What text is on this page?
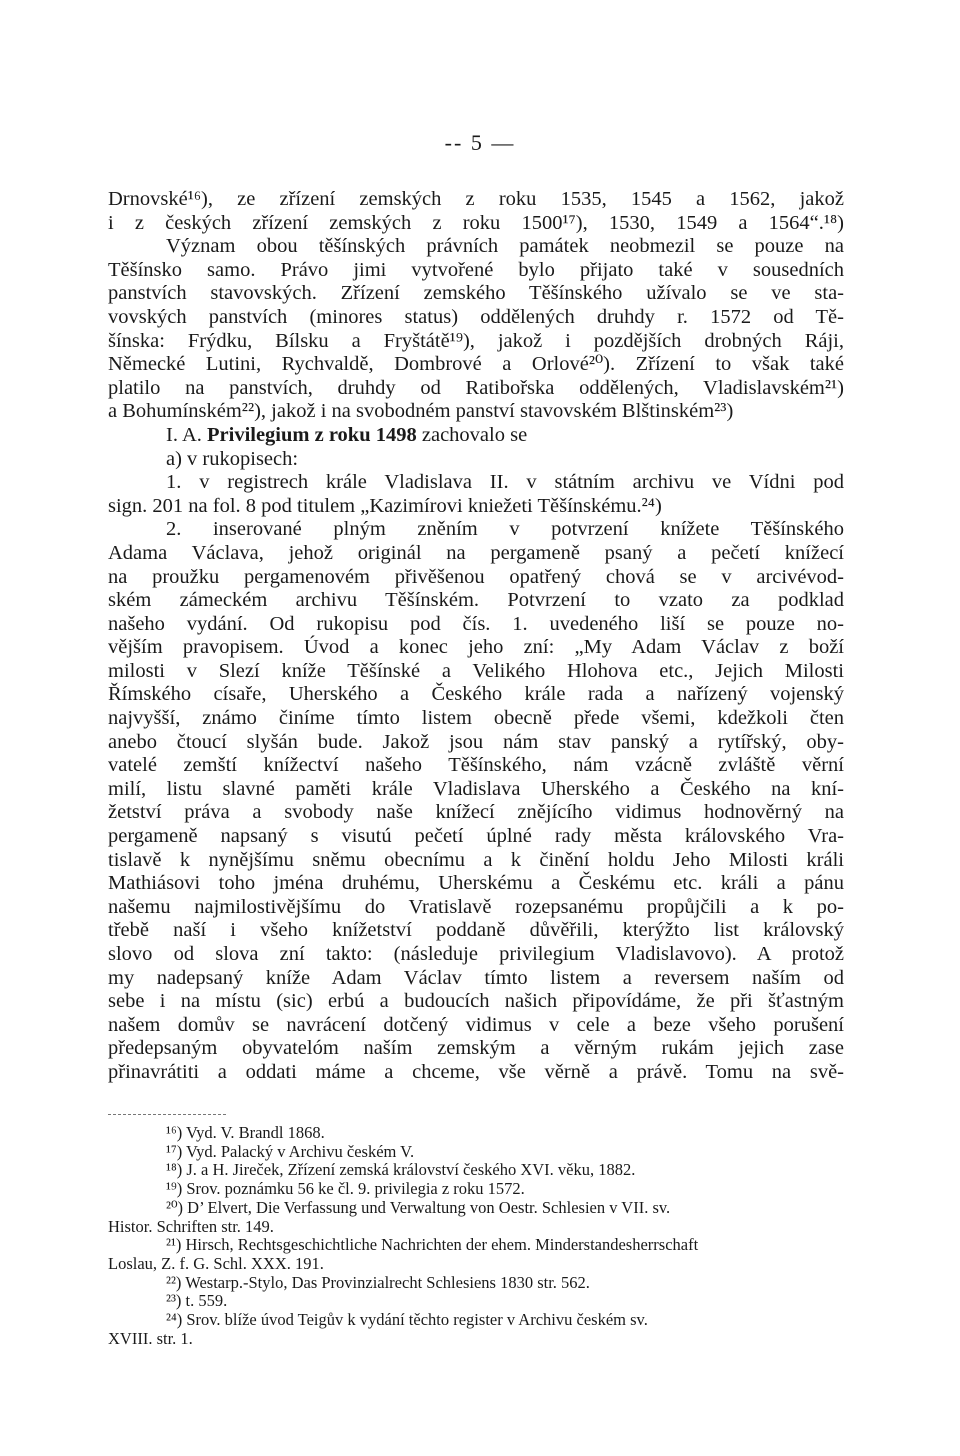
-- 5 —
Drnovské¹⁶), ze zřízení zemských z roku 1535, 1545 a 1562, jakož
i z českých zřízení zemských z roku 1500¹⁷), 1530, 1549 a 1564“.¹⁸)
Význam obou těšínských právních památek neobmezil se pouze na
Těšínsko samo. Právo jimi vytvořené bylo přijato také v sousedních
panstvích stavovských. Zřízení zemského Těšínského užívalo se ve sta-
vovských panstvích (minores status) oddělených druhdy r. 1572 od Tě-
šínska: Frýdku, Bílsku a Fryštátě¹⁹), jakož i pozdějších drobných Ráji,
Německé Lutini, Rychvaldě, Dombrové a Orlové²⁰). Zřízení to však také
platilo na panstvích, druhdy od Ratibořska oddělených, Vladislavském²¹)
a Bohumínském²²), jakož i na svobodném panství stavovském Blštinském²³)
I. A. Privilegium z roku 1498 zachovalo se
a) v rukopisech:
1. v registrech krále Vladislava II. v státním archivu ve Vídni pod
sign. 201 na fol. 8 pod titulem „Kazimírovi kniežeti Těšínskému.²⁴)
2. inserované plným zněním v potvrzení knížete Těšínského
Adama Václava, jehož originál na pergameně psaný a pečetí knížecí
na proužku pergamenovém přivěšenou opatřený chová se v arcivévod-
ském zámeckém archivu Těšínském. Potvrzení to vzato za podklad
našeho vydání. Od rukopisu pod čís. 1. uvedeného liší se pouze no-
vějším pravopisem. Úvod a konec jeho zní: „My Adam Václav z boží
milosti v Slezí kníže Těšínské a Velikého Hlohova etc., Jejich Milosti
Římského císaře, Uherského a Českého krále rada a nařízený vojenský
najvyšší, známo činíme tímto listem obecně přede všemi, kdežkoli čten
anebo čtoucí slyšán bude. Jakož jsou nám stav panský a rytířský, oby-
vatelé zemští knížectví našeho Těšínského, nám vzácně zvláště věrní
milí, listu slavné paměti krále Vladislava Uherského a Českého na kní-
žetství práva a svobody naše knížecí znějícího vidimus hodnověrný na
pergameně napsaný s visutú pečetí úplné rady města královského Vra-
tislavě k nynějšímu sněmu obecnímu a k činění holdu Jeho Milosti králi
Mathiásovi toho jména druhému, Uherskému a Českému etc. králi a pánu
našemu najmilostivějšímu do Vratislavě rozepsanému propůjčili a k po-
třebě naší i všeho knížetství poddaně důvěřili, kterýžto list královský
slovo od slova zní takto: (následuje privilegium Vladislavovo). A protož
my nadepsaný kníže Adam Václav tímto listem a reversem naším od
sebe i na místu (sic) erbú a budoucích našich připovídáme, že při šťastným
našem domův se navrácení dotčený vidimus v cele a beze všeho porušení
předepsaným obyvatelóm naším zemským a věrným rukám jejich zase
přinavrátiti a oddati máme a chceme, vše věrně a právě. Tomu na svě-
¹⁶) Vyd. V. Brandl 1868.
¹⁷) Vyd. Palacký v Archivu českém V.
¹⁸) J. a H. Jireček, Zřízení zemská království českého XVI. věku, 1882.
¹⁹) Srov. poznámku 56 ke čl. 9. privilegia z roku 1572.
²⁰) D’ Elvert, Die Verfassung und Verwaltung von Oestr. Schlesien v VII. sv.
Histor. Schriften str. 149.
²¹) Hirsch, Rechtsgeschichtliche Nachrichten der ehem. Minderstandesherrschaft
Loslau, Z. f. G. Schl. XXX. 191.
²²) Westarp.-Stylo, Das Provinzialrecht Schlesiens 1830 str. 562.
²³) t. 559.
²⁴) Srov. blíže úvod Teigův k vydání těchto register v Archivu českém sv.
XVIII. str. 1.
